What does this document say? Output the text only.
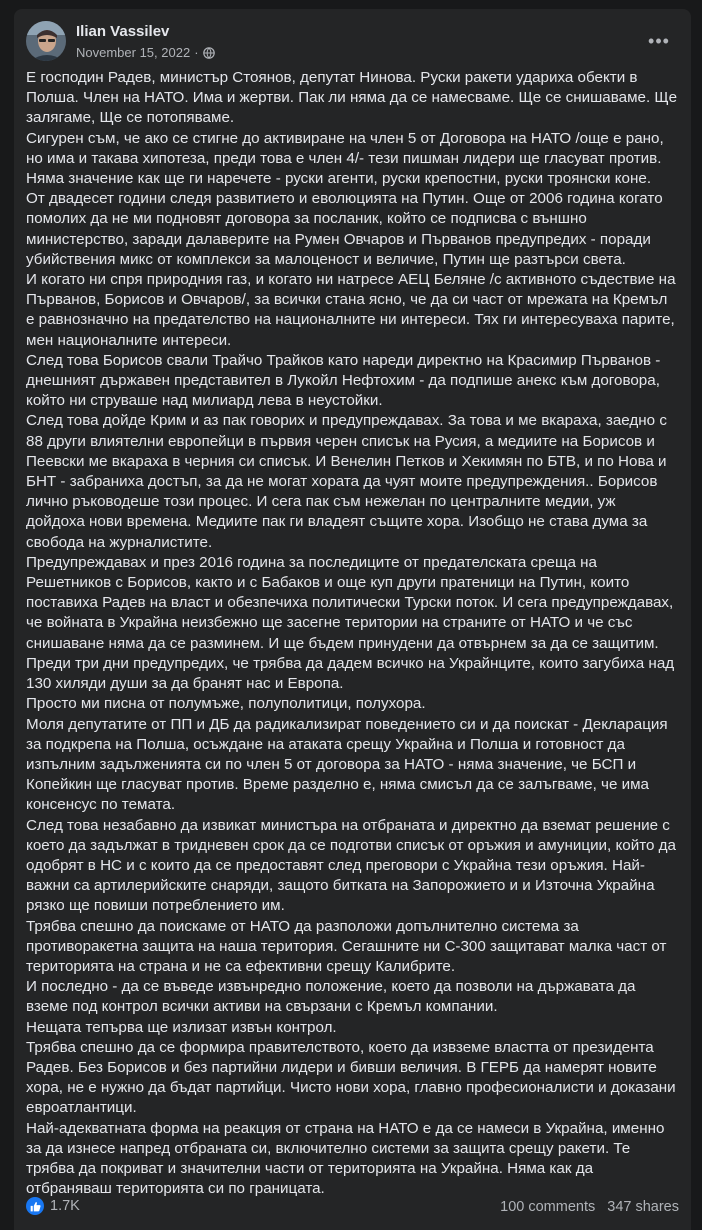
Ilian Vassilev
November 15, 2022 ·
•••

Е господин Радев, министър Стоянов, депутат Нинова. Руски ракети удариха обекти в Полша. Член на НАТО. Има и жертви. Пак ли няма да се намесваме. Ще се снишаваме. Ще залягаме, Ще се потопяваме.

Сигурен съм, че ако се стигне до активиране на член 5 от Договора на НАТО /още е рано, но има и такава хипотеза, преди това е член 4/- тези пишман лидери ще гласуват против. Няма значение как ще ги наречете - руски агенти, руски крепостни, руски троянски коне.

От двадесет години следя развитието и еволюцията на Путин. Още от 2006 година когато помолих да не ми подновят договора за посланик, който се подписва с външно министерство, заради далаверите на Румен Овчаров и Първанов предупредих - поради убийствения микс от комплекси за малоценост и величие, Путин ще разтърси света.

И когато ни спря природния газ, и когато ни натресе АЕЦ Беляне /с активното съдествие на Първанов, Борисов и Овчаров/, за всички стана ясно, че да си част от мрежата на Кремъл е равнозначно на предателство на националните ни интереси. Тях ги интересуваха парите, мен националните интереси.

След това Борисов свали Трайчо Трайков като нареди директно на Красимир Първанов - днешният държавен представител в Лукойл Нефтохим - да подпише анекс към договора, който ни струваше над милиард лева в неустойки.

След това дойде Крим и аз пак говорих и предупреждавах. За това и ме вкараха, заедно с 88 други влиятелни европейци в първия черен списък на Русия, а медиите на Борисов и Пеевски ме вкараха в черния си списък. И Венелин Петков и Хекимян по БТВ, и по Нова и БНТ - забранихa достъп, за да не могат хората да чуят моите предупреждения.. Борисов лично ръководеше този процес. И сега пак съм нежелан по централните медии, уж дойдоха нови времена. Медиите пак ги владеят същите хора. Изобщо не става дума за свобода на журналистите.

Предупреждавах и през 2016 година за последиците от предателската среща на Решетников с Борисов, както и с Бабаков и още куп други пратеници на Путин, които поставиха Радев на власт и обезпечиха политически Турски поток. И сега предупреждавах, че войната в Украйна неизбежно ще засегне територии на страните от НАТО и че със снишаване няма да се разминем. И ще бъдем принудени да отвърнем за да се защитим.

Преди три дни предупредих, че трябва да дадем всичко на Украйнците, които загубиха над 130 хиляди души за да бранят нас и Европа.

Просто ми писна от полумъже, полуполитици, полухора.

Моля депутатите от ПП и ДБ да радикализират поведението си и да поискат - Декларация за подкрепа на Полша, осъждане на атаката срещу Украйна и Полша и готовност да изпълним задълженията си по член 5 от договора за НАТО - няма значение, че БСП и Копейкин ще гласуват против. Време разделно е, няма смисъл да се залъгваме, че има консенсус по темата.

След това незабавно да извикат министъра на отбраната и директно да вземат решение с което да задължат в тридневен срок да се подготви списък от оръжия и амуниции, който да одобрят в НС и с които да се предоставят след преговори с Украйна тези оръжия. Най-важни са артилерийските снаряди, защото битката на Запорожието и и Източна Украйна рязко ще повиши потреблението им.

Трябва спешно да поискаме от НАТО да разположи допълнително система за противоракетна защита на наша територия. Сегашните ни С-300 защитават малка част от територията на страна и не са ефективни срещу Калибрите.

И последно - да се въведе извънредно положение, което да позволи на държавата да вземе под контрол всички активи на свързани с Кремъл компании.

Нещата тепърва ще излизат извън контрол.

Трябва спешно да се формира правителството, което да извземе властта от президента Радев. Без Борисов и без партийни лидери и бивши величия. В ГЕРБ да намерят новите хора, не е нужно да бъдат партийци. Чисто нови хора, главно професионалисти и доказани евроатлантици.

Най-адекватната форма на реакция от страна на НАТО е да се намеси в Украйна, именно за да изнесе напред отбраната си, включително системи за защита срещу ракети. Те трябва да покриват и значителни части от територията на Украйна. Няма как да отбраняваш територията си по границата.

1.7K	100 comments 347 shares
